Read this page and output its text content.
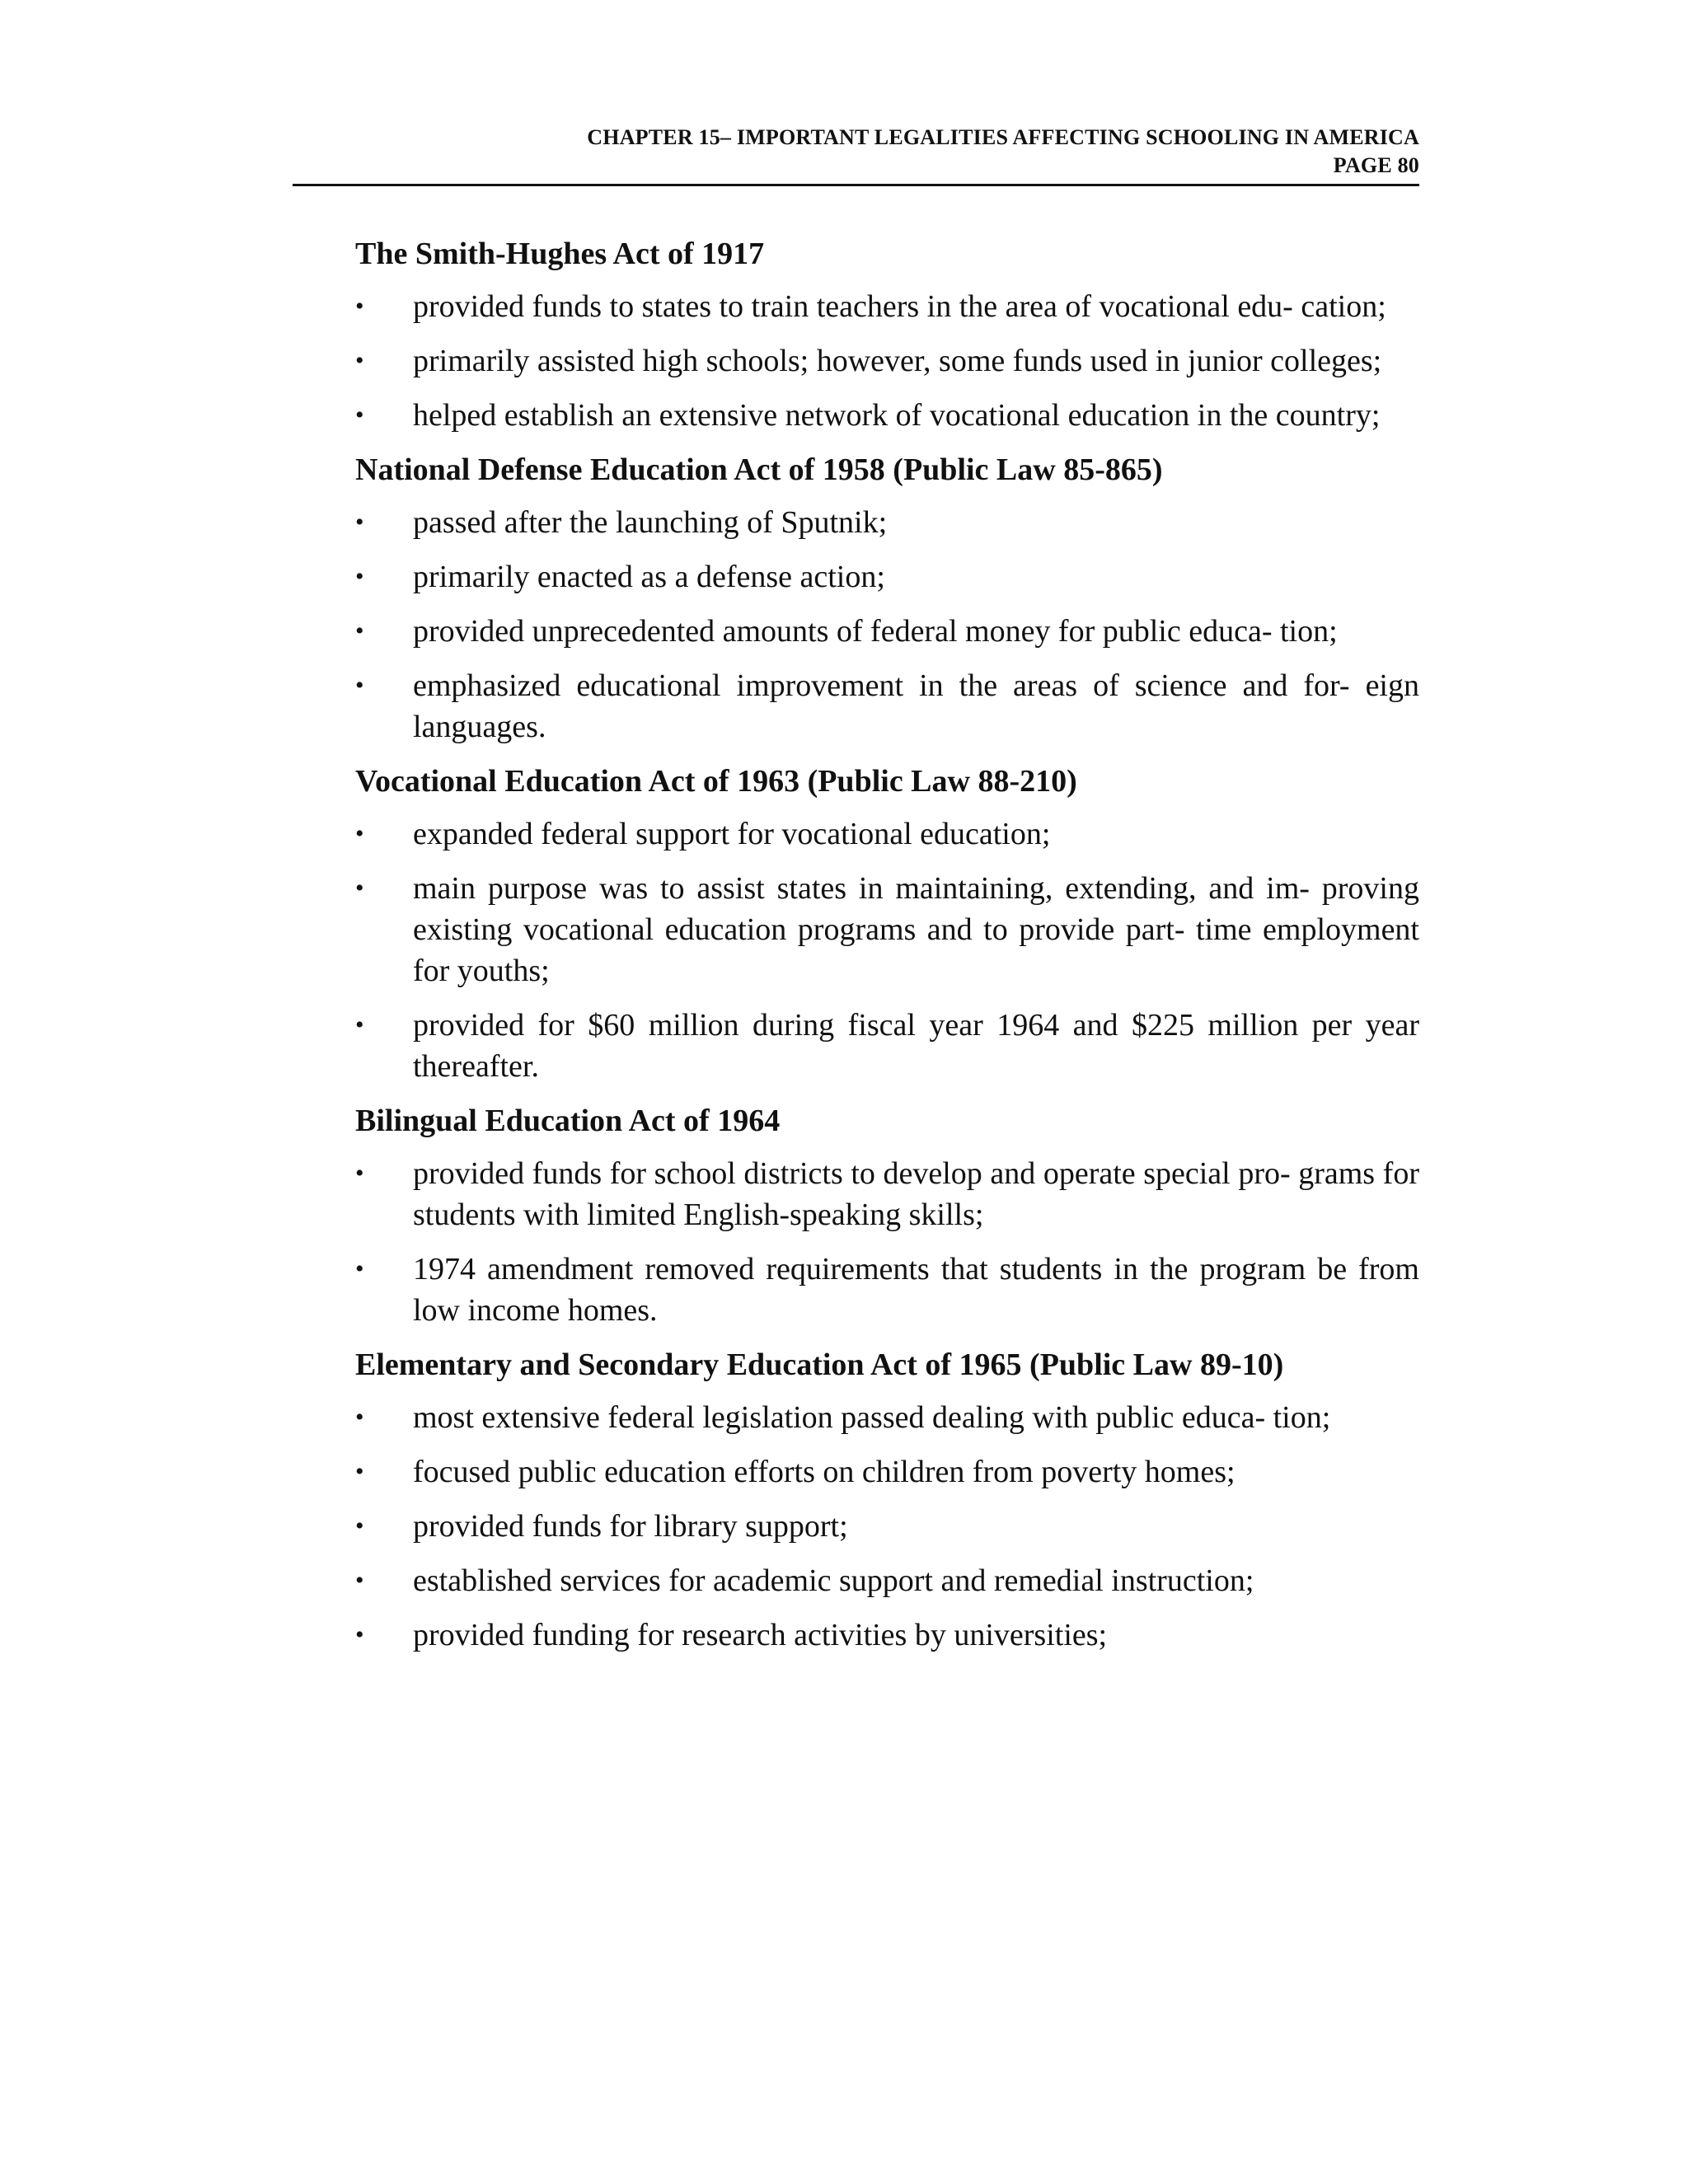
CHAPTER 15– IMPORTANT LEGALITIES AFFECTING SCHOOLING IN AMERICA
PAGE 80
The Smith-Hughes Act of 1917
• provided funds to states to train teachers in the area of vocational edu- cation;
• primarily assisted high schools; however, some funds used in junior colleges;
• helped establish an extensive network of vocational education in the country;
National Defense Education Act of 1958 (Public Law 85-865)
• passed after the launching of Sputnik;
• primarily enacted as a defense action;
• provided unprecedented amounts of federal money for public educa- tion;
• emphasized educational improvement in the areas of science and for- eign languages.
Vocational Education Act of 1963 (Public Law 88-210)
• expanded federal support for vocational education;
• main purpose was to assist states in maintaining, extending, and im- proving existing vocational education programs and to provide part- time employment for youths;
• provided for $60 million during fiscal year 1964 and $225 million per year thereafter.
Bilingual Education Act of 1964
• provided funds for school districts to develop and operate special pro- grams for students with limited English-speaking skills;
• 1974 amendment removed requirements that students in the program be from low income homes.
Elementary and Secondary Education Act of 1965 (Public Law 89-10)
• most extensive federal legislation passed dealing with public educa- tion;
• focused public education efforts on children from poverty homes;
• provided funds for library support;
• established services for academic support and remedial instruction;
• provided funding for research activities by universities;
